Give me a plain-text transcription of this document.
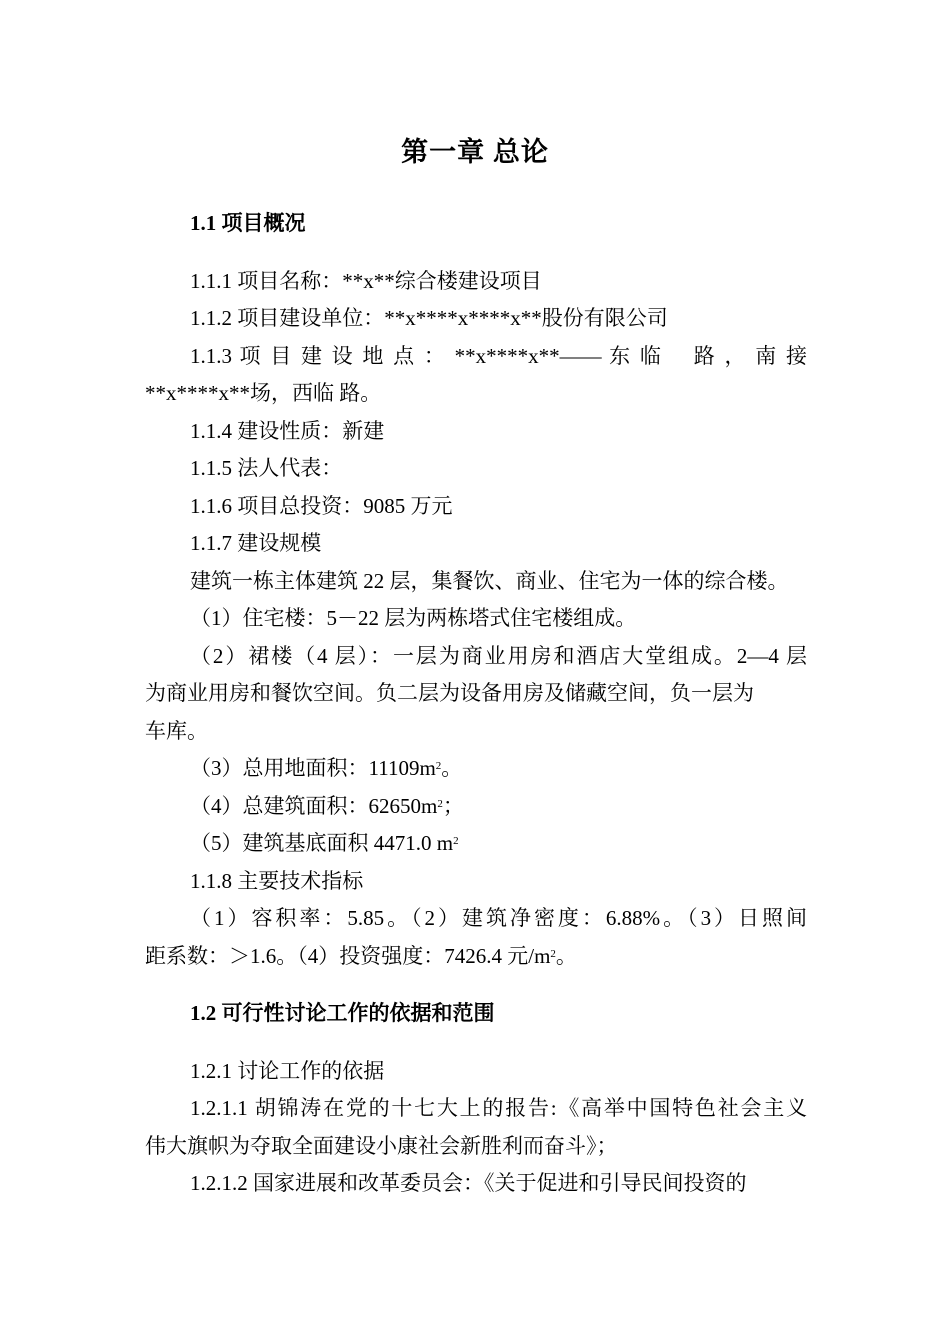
第一章 总论

1.1 项目概况

1.1.1 项目名称：**x**综合楼建设项目

1.1.2 项目建设单位：**x****x****x**股份有限公司

1.1.3 项 目 建 设 地 点 ： **x****x**—— 东 临　 路 ， 南 接

**x****x**场，西临 路。

1.1.4 建设性质：新建

1.1.5 法人代表：

1.1.6 项目总投资：9085 万元

1.1.7 建设规模

建筑一栋主体建筑 22 层，集餐饮、商业、住宅为一体的综合楼。

（1）住宅楼：5－22 层为两栋塔式住宅楼组成。

（2）裙楼（4 层）：一层为商业用房和酒店大堂组成。2—4 层

为商业用房和餐饮空间。负二层为设备用房及储藏空间，负一层为

车库。

（3）总用地面积：$11109m^2$。

（4）总建筑面积：$62650m^2$；

（5）建筑基底面积 4471.0 $m^2$

1.1.8 主要技术指标

（1）容积率：5.85。（2）建筑净密度：6.88%。（3）日照间

距系数：＞1.6。（4）投资强度：7426.4 元$/m^2$。

1.2 可行性讨论工作的依据和范围

1.2.1 讨论工作的依据

1.2.1.1 胡锦涛在党的十七大上的报告:《高举中国特色社会主义

伟大旗帜为夺取全面建设小康社会新胜利而奋斗》；

1.2.1.2 国家进展和改革委员会：《关于促进和引导民间投资的
